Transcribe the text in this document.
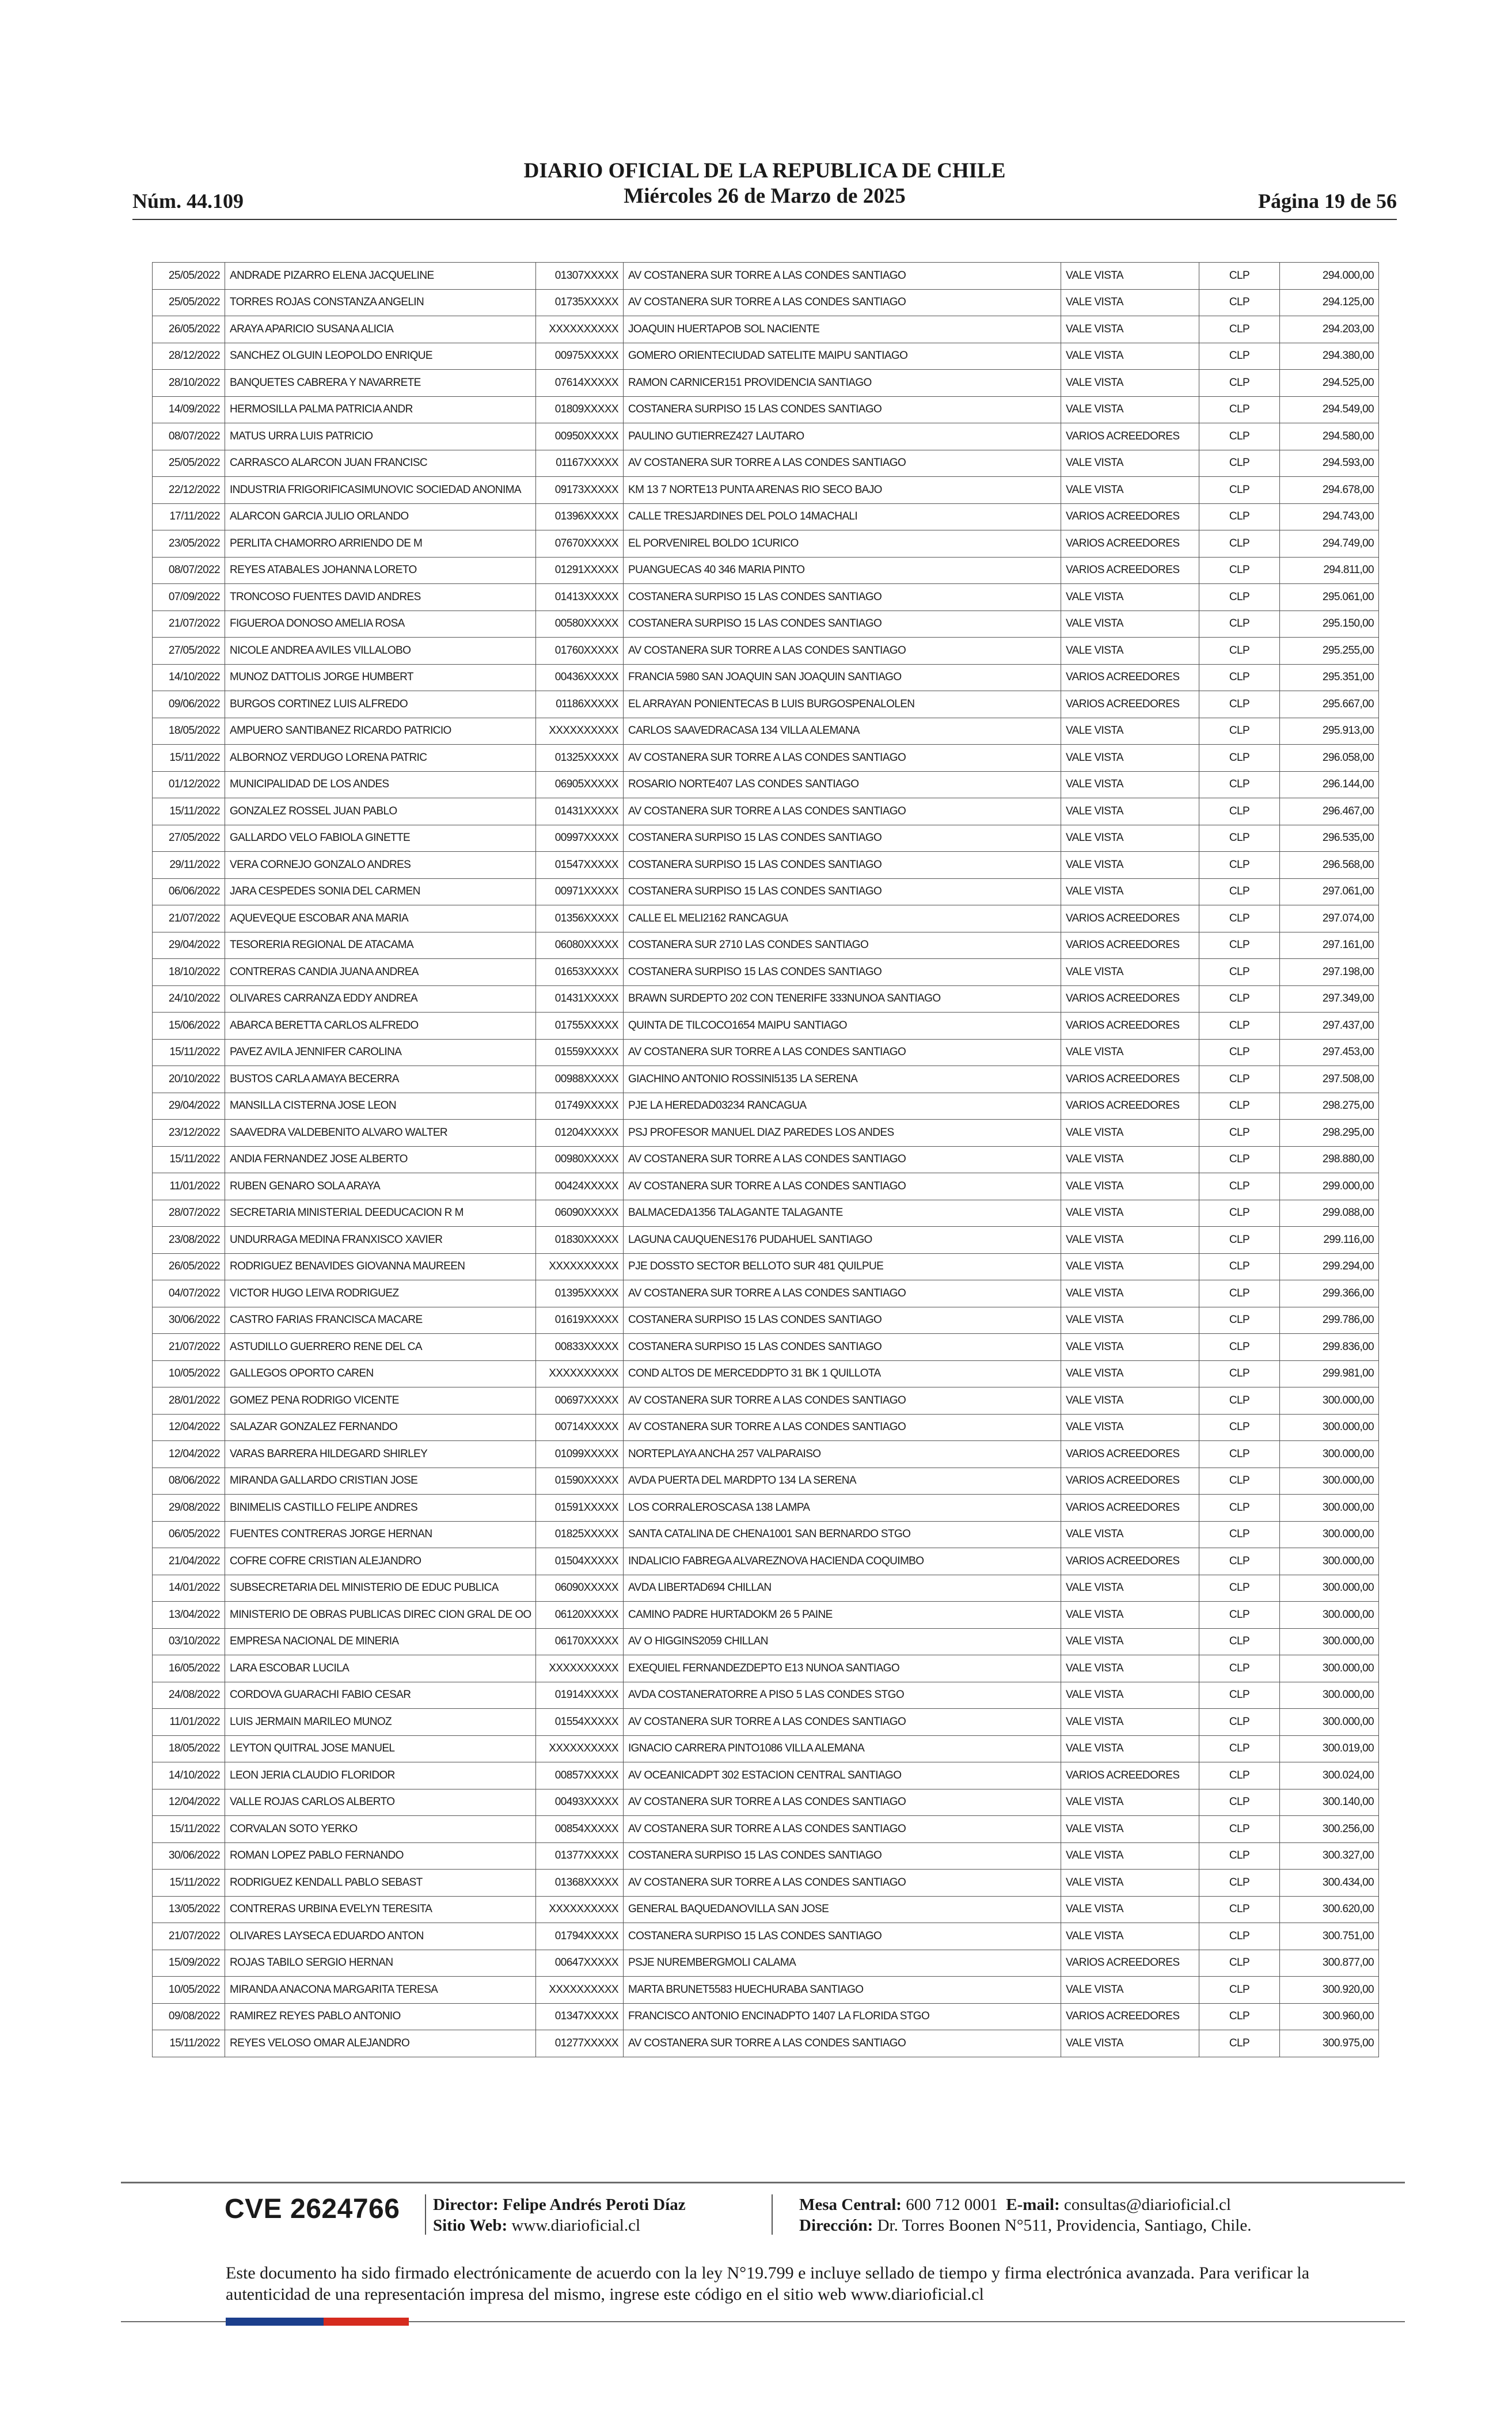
Núm. 44.109
DIARIO OFICIAL DE LA REPUBLICA DE CHILE
Miércoles 26 de Marzo de 2025	Página 19 de 56
25/05/2022	ANDRADE PIZARRO ELENA JACQUELINE	01307XXXXX	AV COSTANERA SUR TORRE A LAS CONDES SANTIAGO	VALE VISTA	CLP	294.000,00
25/05/2022	TORRES ROJAS CONSTANZA ANGELIN	01735XXXXX	AV COSTANERA SUR TORRE A LAS CONDES SANTIAGO	VALE VISTA	CLP	294.125,00
26/05/2022	ARAYA APARICIO SUSANA ALICIA	XXXXXXXXXX	JOAQUIN HUERTAPOB SOL NACIENTE	VALE VISTA	CLP	294.203,00
28/12/2022	SANCHEZ OLGUIN LEOPOLDO ENRIQUE	00975XXXXX	GOMERO ORIENTECIUDAD SATELITE MAIPU SANTIAGO	VALE VISTA	CLP	294.380,00
28/10/2022	BANQUETES CABRERA Y NAVARRETE	07614XXXXX	RAMON CARNICER151 PROVIDENCIA SANTIAGO	VALE VISTA	CLP	294.525,00
14/09/2022	HERMOSILLA PALMA PATRICIA ANDR	01809XXXXX	COSTANERA SURPISO 15 LAS CONDES SANTIAGO	VALE VISTA	CLP	294.549,00
08/07/2022	MATUS URRA LUIS PATRICIO	00950XXXXX	PAULINO GUTIERREZ427 LAUTARO	VARIOS ACREEDORES	CLP	294.580,00
25/05/2022	CARRASCO ALARCON JUAN FRANCISC	01167XXXXX	AV COSTANERA SUR TORRE A LAS CONDES SANTIAGO	VALE VISTA	CLP	294.593,00
22/12/2022	INDUSTRIA FRIGORIFICASIMUNOVIC SOCIEDAD ANONIMA	09173XXXXX	KM 13 7 NORTE13 PUNTA ARENAS RIO SECO BAJO	VALE VISTA	CLP	294.678,00
17/11/2022	ALARCON GARCIA JULIO ORLANDO	01396XXXXX	CALLE TRESJARDINES DEL POLO 14MACHALI	VARIOS ACREEDORES	CLP	294.743,00
23/05/2022	PERLITA CHAMORRO ARRIENDO DE M	07670XXXXX	EL PORVENIREL BOLDO 1CURICO	VARIOS ACREEDORES	CLP	294.749,00
08/07/2022	REYES ATABALES JOHANNA LORETO	01291XXXXX	PUANGUECAS 40 346 MARIA PINTO	VARIOS ACREEDORES	CLP	294.811,00
07/09/2022	TRONCOSO FUENTES DAVID ANDRES	01413XXXXX	COSTANERA SURPISO 15 LAS CONDES SANTIAGO	VALE VISTA	CLP	295.061,00
21/07/2022	FIGUEROA DONOSO AMELIA ROSA	00580XXXXX	COSTANERA SURPISO 15 LAS CONDES SANTIAGO	VALE VISTA	CLP	295.150,00
27/05/2022	NICOLE ANDREA AVILES VILLALOBO	01760XXXXX	AV COSTANERA SUR TORRE A LAS CONDES SANTIAGO	VALE VISTA	CLP	295.255,00
14/10/2022	MUNOZ DATTOLIS JORGE HUMBERT	00436XXXXX	FRANCIA 5980 SAN JOAQUIN SAN JOAQUIN SANTIAGO	VARIOS ACREEDORES	CLP	295.351,00
09/06/2022	BURGOS CORTINEZ LUIS ALFREDO	01186XXXXX	EL ARRAYAN PONIENTECAS B LUIS BURGOSPENALOLEN	VARIOS ACREEDORES	CLP	295.667,00
18/05/2022	AMPUERO SANTIBANEZ RICARDO PATRICIO	XXXXXXXXXX	CARLOS SAAVEDRACASA 134 VILLA ALEMANA	VALE VISTA	CLP	295.913,00
15/11/2022	ALBORNOZ VERDUGO LORENA PATRIC	01325XXXXX	AV COSTANERA SUR TORRE A LAS CONDES SANTIAGO	VALE VISTA	CLP	296.058,00
01/12/2022	MUNICIPALIDAD DE LOS ANDES	06905XXXXX	ROSARIO NORTE407 LAS CONDES SANTIAGO	VALE VISTA	CLP	296.144,00
15/11/2022	GONZALEZ ROSSEL JUAN PABLO	01431XXXXX	AV COSTANERA SUR TORRE A LAS CONDES SANTIAGO	VALE VISTA	CLP	296.467,00
27/05/2022	GALLARDO VELO FABIOLA GINETTE	00997XXXXX	COSTANERA SURPISO 15 LAS CONDES SANTIAGO	VALE VISTA	CLP	296.535,00
29/11/2022	VERA CORNEJO GONZALO ANDRES	01547XXXXX	COSTANERA SURPISO 15 LAS CONDES SANTIAGO	VALE VISTA	CLP	296.568,00
06/06/2022	JARA CESPEDES SONIA DEL CARMEN	00971XXXXX	COSTANERA SURPISO 15 LAS CONDES SANTIAGO	VALE VISTA	CLP	297.061,00
21/07/2022	AQUEVEQUE ESCOBAR ANA MARIA	01356XXXXX	CALLE EL MELI2162 RANCAGUA	VARIOS ACREEDORES	CLP	297.074,00
29/04/2022	TESORERIA REGIONAL DE ATACAMA	06080XXXXX	COSTANERA SUR 2710 LAS CONDES SANTIAGO	VARIOS ACREEDORES	CLP	297.161,00
18/10/2022	CONTRERAS CANDIA JUANA ANDREA	01653XXXXX	COSTANERA SURPISO 15 LAS CONDES SANTIAGO	VALE VISTA	CLP	297.198,00
24/10/2022	OLIVARES CARRANZA EDDY ANDREA	01431XXXXX	BRAWN SURDEPTO 202 CON TENERIFE 333NUNOA SANTIAGO	VARIOS ACREEDORES	CLP	297.349,00
15/06/2022	ABARCA BERETTA CARLOS ALFREDO	01755XXXXX	QUINTA DE TILCOCO1654 MAIPU SANTIAGO	VARIOS ACREEDORES	CLP	297.437,00
15/11/2022	PAVEZ AVILA JENNIFER CAROLINA	01559XXXXX	AV COSTANERA SUR TORRE A LAS CONDES SANTIAGO	VALE VISTA	CLP	297.453,00
20/10/2022	BUSTOS CARLA AMAYA BECERRA	00988XXXXX	GIACHINO ANTONIO ROSSINI5135 LA SERENA	VARIOS ACREEDORES	CLP	297.508,00
29/04/2022	MANSILLA CISTERNA JOSE LEON	01749XXXXX	PJE LA HEREDAD03234 RANCAGUA	VARIOS ACREEDORES	CLP	298.275,00
23/12/2022	SAAVEDRA VALDEBENITO ALVARO WALTER	01204XXXXX	PSJ PROFESOR MANUEL DIAZ PAREDES LOS ANDES	VALE VISTA	CLP	298.295,00
15/11/2022	ANDIA FERNANDEZ JOSE ALBERTO	00980XXXXX	AV COSTANERA SUR TORRE A LAS CONDES SANTIAGO	VALE VISTA	CLP	298.880,00
11/01/2022	RUBEN GENARO SOLA ARAYA	00424XXXXX	AV COSTANERA SUR TORRE A LAS CONDES SANTIAGO	VALE VISTA	CLP	299.000,00
28/07/2022	SECRETARIA MINISTERIAL DEEDUCACION R M	06090XXXXX	BALMACEDA1356 TALAGANTE TALAGANTE	VALE VISTA	CLP	299.088,00
23/08/2022	UNDURRAGA MEDINA FRANXISCO XAVIER	01830XXXXX	LAGUNA CAUQUENES176 PUDAHUEL SANTIAGO	VALE VISTA	CLP	299.116,00
26/05/2022	RODRIGUEZ BENAVIDES GIOVANNA MAUREEN	XXXXXXXXXX	PJE DOSSTO SECTOR BELLOTO SUR 481 QUILPUE	VALE VISTA	CLP	299.294,00
04/07/2022	VICTOR HUGO LEIVA RODRIGUEZ	01395XXXXX	AV COSTANERA SUR TORRE A LAS CONDES SANTIAGO	VALE VISTA	CLP	299.366,00
30/06/2022	CASTRO FARIAS FRANCISCA MACARE	01619XXXXX	COSTANERA SURPISO 15 LAS CONDES SANTIAGO	VALE VISTA	CLP	299.786,00
21/07/2022	ASTUDILLO GUERRERO RENE DEL CA	00833XXXXX	COSTANERA SURPISO 15 LAS CONDES SANTIAGO	VALE VISTA	CLP	299.836,00
10/05/2022	GALLEGOS OPORTO CAREN	XXXXXXXXXX	COND ALTOS DE MERCEDDPTO 31 BK 1 QUILLOTA	VALE VISTA	CLP	299.981,00
28/01/2022	GOMEZ PENA RODRIGO VICENTE	00697XXXXX	AV COSTANERA SUR TORRE A LAS CONDES SANTIAGO	VALE VISTA	CLP	300.000,00
12/04/2022	SALAZAR GONZALEZ FERNANDO	00714XXXXX	AV COSTANERA SUR TORRE A LAS CONDES SANTIAGO	VALE VISTA	CLP	300.000,00
12/04/2022	VARAS BARRERA HILDEGARD SHIRLEY	01099XXXXX	NORTEPLAYA ANCHA 257 VALPARAISO	VARIOS ACREEDORES	CLP	300.000,00
08/06/2022	MIRANDA GALLARDO CRISTIAN JOSE	01590XXXXX	AVDA PUERTA DEL MARDPTO 134 LA SERENA	VARIOS ACREEDORES	CLP	300.000,00
29/08/2022	BINIMELIS CASTILLO FELIPE ANDRES	01591XXXXX	LOS CORRALEROSCASA 138 LAMPA	VARIOS ACREEDORES	CLP	300.000,00
06/05/2022	FUENTES CONTRERAS JORGE HERNAN	01825XXXXX	SANTA CATALINA DE CHENA1001 SAN BERNARDO STGO	VALE VISTA	CLP	300.000,00
21/04/2022	COFRE COFRE CRISTIAN ALEJANDRO	01504XXXXX	INDALICIO FABREGA ALVAREZNOVA HACIENDA COQUIMBO	VARIOS ACREEDORES	CLP	300.000,00
14/01/2022	SUBSECRETARIA DEL MINISTERIO DE EDUC PUBLICA	06090XXXXX	AVDA LIBERTAD694 CHILLAN	VALE VISTA	CLP	300.000,00
13/04/2022	MINISTERIO DE OBRAS PUBLICAS DIREC CION GRAL DE OO	06120XXXXX	CAMINO PADRE HURTADOKM 26 5 PAINE	VALE VISTA	CLP	300.000,00
03/10/2022	EMPRESA NACIONAL DE MINERIA	06170XXXXX	AV O HIGGINS2059 CHILLAN	VALE VISTA	CLP	300.000,00
16/05/2022	LARA ESCOBAR LUCILA	XXXXXXXXXX	EXEQUIEL FERNANDEZDEPTO E13 NUNOA SANTIAGO	VALE VISTA	CLP	300.000,00
24/08/2022	CORDOVA GUARACHI FABIO CESAR	01914XXXXX	AVDA COSTANERATORRE A PISO 5 LAS CONDES STGO	VALE VISTA	CLP	300.000,00
11/01/2022	LUIS JERMAIN MARILEO MUNOZ	01554XXXXX	AV COSTANERA SUR TORRE A LAS CONDES SANTIAGO	VALE VISTA	CLP	300.000,00
18/05/2022	LEYTON QUITRAL JOSE MANUEL	XXXXXXXXXX	IGNACIO CARRERA PINTO1086 VILLA ALEMANA	VALE VISTA	CLP	300.019,00
14/10/2022	LEON JERIA CLAUDIO FLORIDOR	00857XXXXX	AV OCEANICADPT 302 ESTACION CENTRAL SANTIAGO	VARIOS ACREEDORES	CLP	300.024,00
12/04/2022	VALLE ROJAS CARLOS ALBERTO	00493XXXXX	AV COSTANERA SUR TORRE A LAS CONDES SANTIAGO	VALE VISTA	CLP	300.140,00
15/11/2022	CORVALAN SOTO YERKO	00854XXXXX	AV COSTANERA SUR TORRE A LAS CONDES SANTIAGO	VALE VISTA	CLP	300.256,00
30/06/2022	ROMAN LOPEZ PABLO FERNANDO	01377XXXXX	COSTANERA SURPISO 15 LAS CONDES SANTIAGO	VALE VISTA	CLP	300.327,00
15/11/2022	RODRIGUEZ KENDALL PABLO SEBAST	01368XXXXX	AV COSTANERA SUR TORRE A LAS CONDES SANTIAGO	VALE VISTA	CLP	300.434,00
13/05/2022	CONTRERAS URBINA EVELYN TERESITA	XXXXXXXXXX	GENERAL BAQUEDANOVILLA SAN JOSE	VALE VISTA	CLP	300.620,00
21/07/2022	OLIVARES LAYSECA EDUARDO ANTON	01794XXXXX	COSTANERA SURPISO 15 LAS CONDES SANTIAGO	VALE VISTA	CLP	300.751,00
15/09/2022	ROJAS TABILO SERGIO HERNAN	00647XXXXX	PSJE NUREMBERGMOLI CALAMA	VARIOS ACREEDORES	CLP	300.877,00
10/05/2022	MIRANDA ANACONA MARGARITA TERESA	XXXXXXXXXX	MARTA BRUNET5583 HUECHURABA SANTIAGO	VALE VISTA	CLP	300.920,00
09/08/2022	RAMIREZ REYES PABLO ANTONIO	01347XXXXX	FRANCISCO ANTONIO ENCINADPTO 1407 LA FLORIDA STGO	VARIOS ACREEDORES	CLP	300.960,00
15/11/2022	REYES VELOSO OMAR ALEJANDRO	01277XXXXX	AV COSTANERA SUR TORRE A LAS CONDES SANTIAGO	VALE VISTA	CLP	300.975,00
CVE 2624766 Director: Felipe Andrés Peroti Díaz
Sitio Web: www.diarioficial.cl
Mesa Central: 600 712 0001 E-mail: consultas@diarioficial.cl
Dirección: Dr. Torres Boonen N°511, Providencia, Santiago, Chile.
Este documento ha sido firmado electrónicamente de acuerdo con la ley N°19.799 e incluye sellado de tiempo y firma electrónica avanzada. Para verificar la autenticidad de una representación impresa del mismo, ingrese este código en el sitio web www.diarioficial.cl
